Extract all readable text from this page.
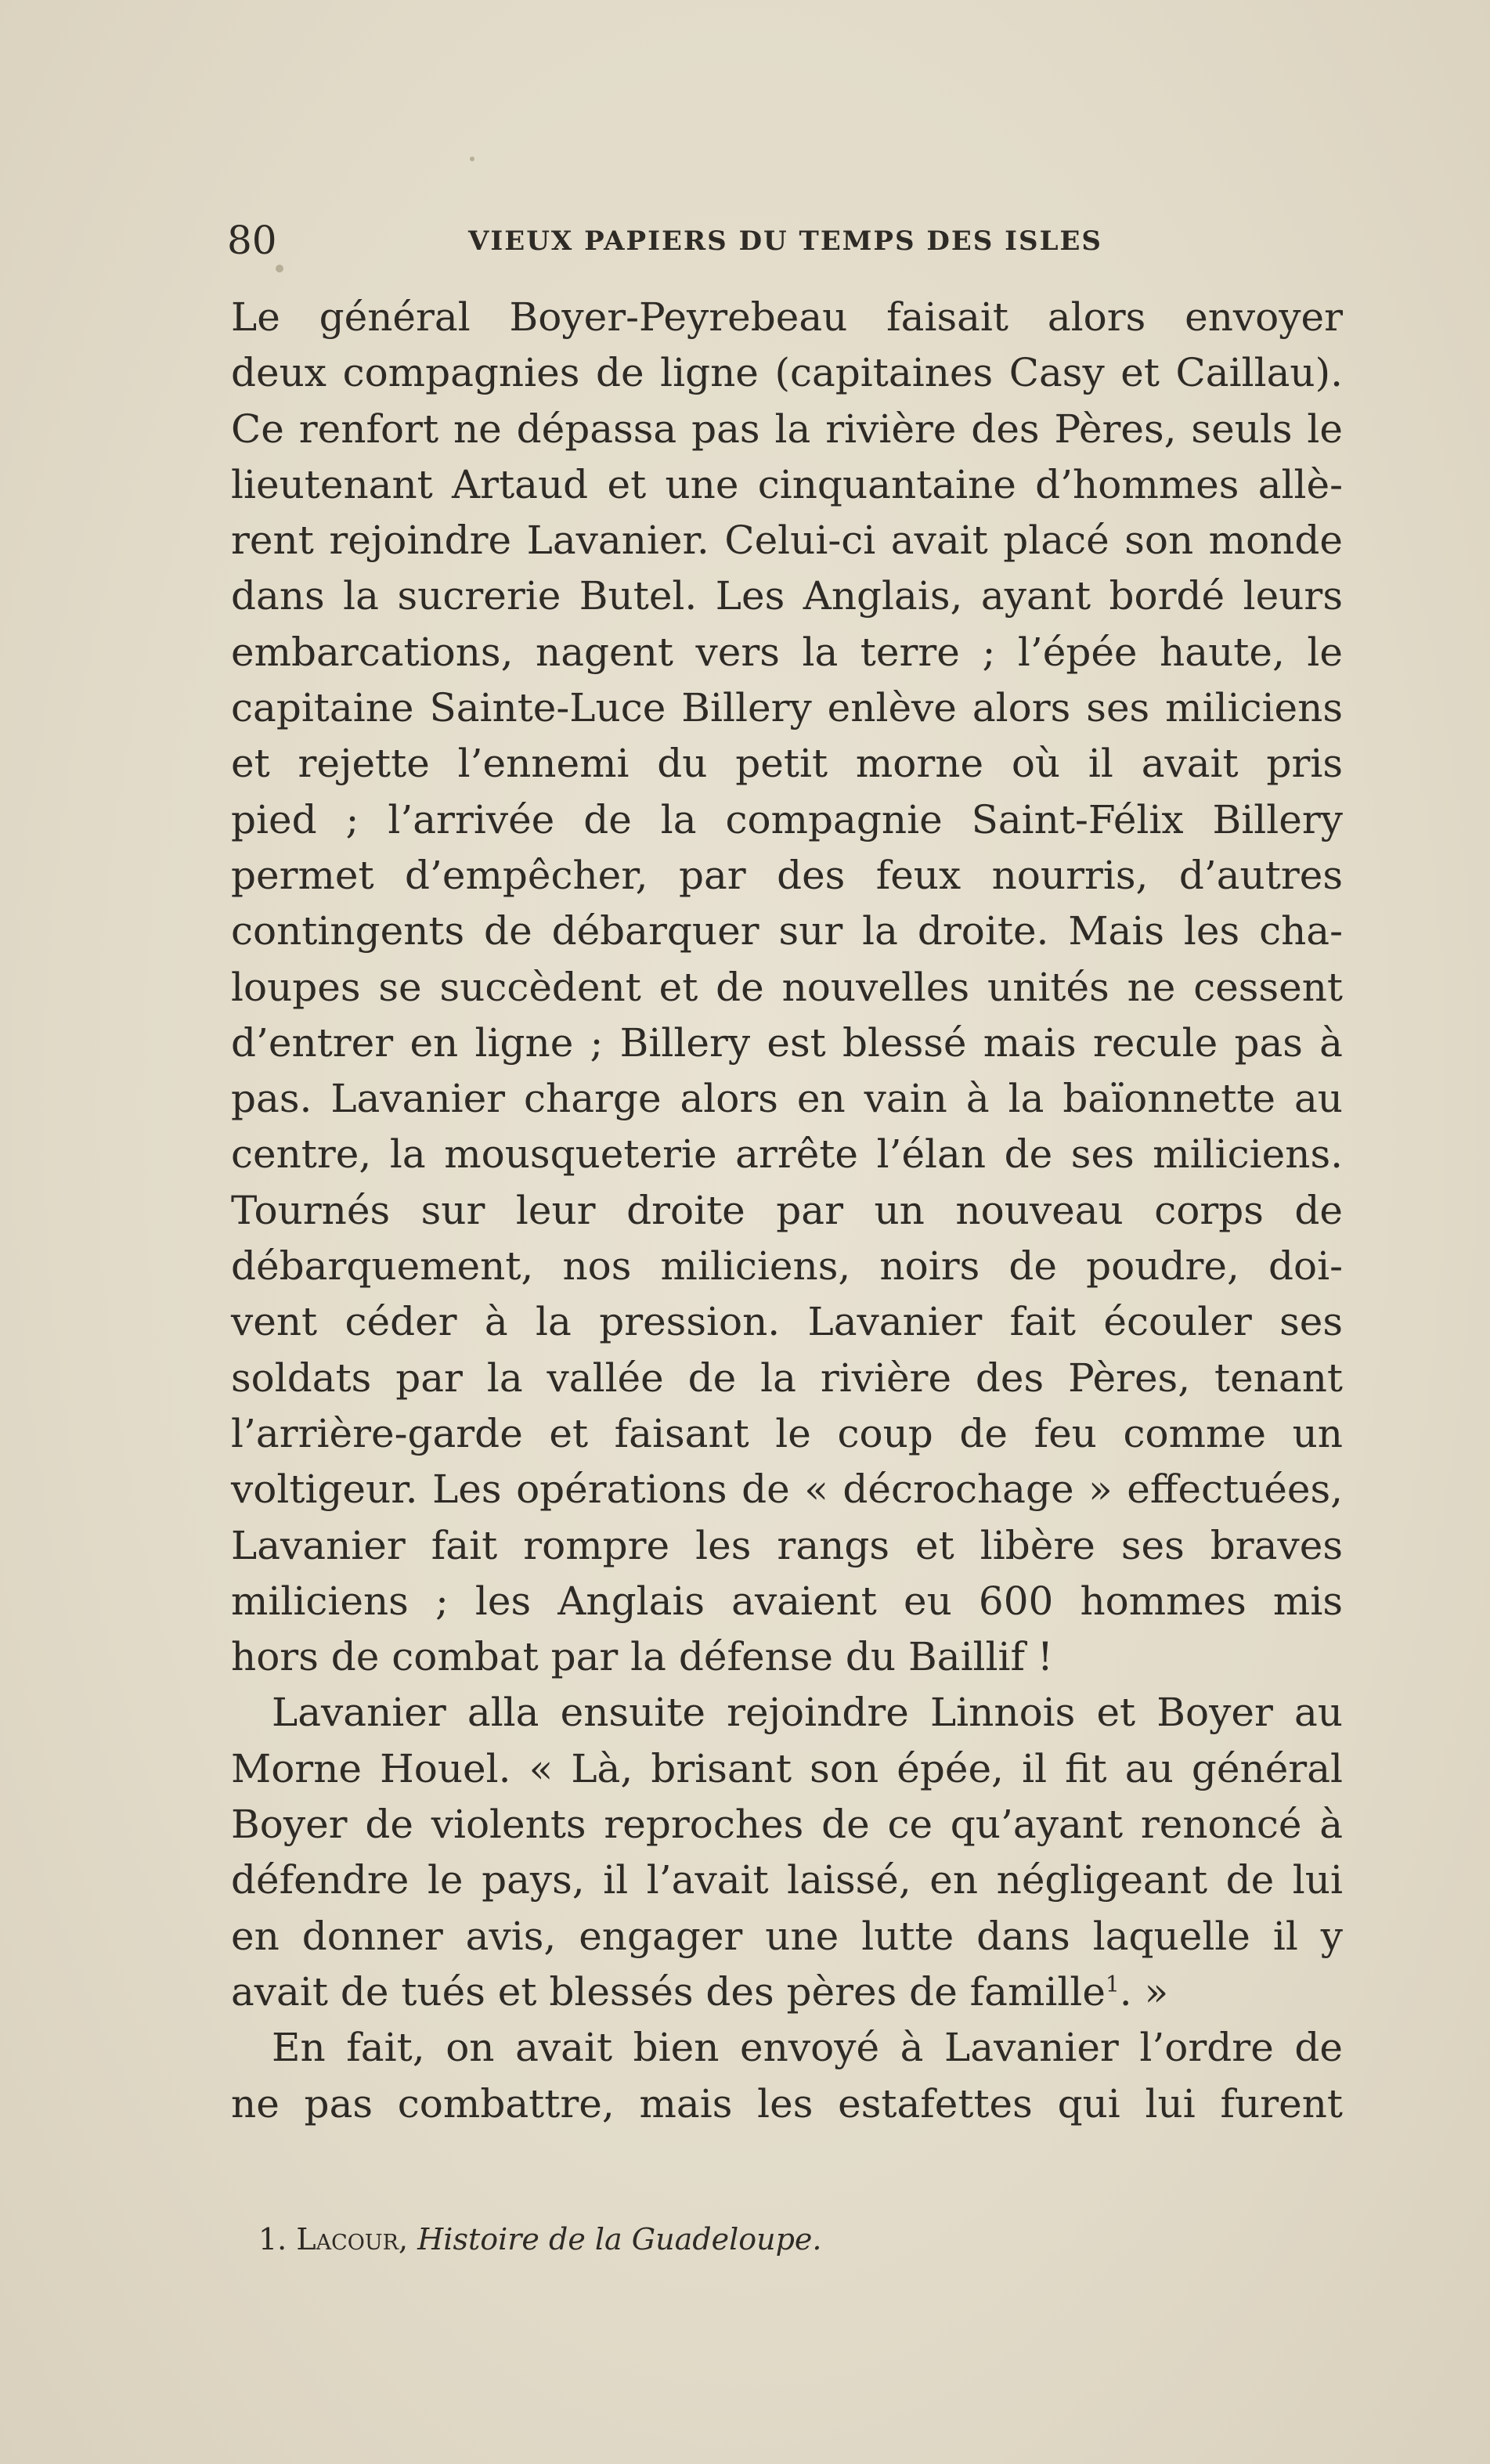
80	VIEUX PAPIERS DU TEMPS DES ISLES
Le général Boyer-Peyrebeau faisait alors envoyer
deux compagnies de ligne (capitaines Casy et Caillau).
Ce renfort ne dépassa pas la rivière des Pères, seuls le
lieutenant Artaud et une cinquantaine d’hommes allè-
rent rejoindre Lavanier. Celui-ci avait placé son monde
dans la sucrerie Butel. Les Anglais, ayant bordé leurs
embarcations, nagent vers la terre ; l’épée haute, le
capitaine Sainte-Luce Billery enlève alors ses miliciens
et rejette l’ennemi du petit morne où il avait pris
pied ; l’arrivée de la compagnie Saint-Félix Billery
permet d’empêcher, par des feux nourris, d’autres
contingents de débarquer sur la droite. Mais les cha-
loupes se succèdent et de nouvelles unités ne cessent
d’entrer en ligne ; Billery est blessé mais recule pas à
pas. Lavanier charge alors en vain à la baïonnette au
centre, la mousqueterie arrête l’élan de ses miliciens.
Tournés sur leur droite par un nouveau corps de
débarquement, nos miliciens, noirs de poudre, doi-
vent céder à la pression. Lavanier fait écouler ses
soldats par la vallée de la rivière des Pères, tenant
l’arrière-garde et faisant le coup de feu comme un
voltigeur. Les opérations de « décrochage » effectuées,
Lavanier fait rompre les rangs et libère ses braves
miliciens ; les Anglais avaient eu 600 hommes mis
hors de combat par la défense du Baillif !
Lavanier alla ensuite rejoindre Linnois et Boyer au
Morne Houel. « Là, brisant son épée, il fit au général
Boyer de violents reproches de ce qu’ayant renoncé à
défendre le pays, il l’avait laissé, en négligeant de lui
en donner avis, engager une lutte dans laquelle il y
avait de tués et blessés des pères de famille$^1$. »
En fait, on avait bien envoyé à Lavanier l’ordre de
ne pas combattre, mais les estafettes qui lui furent
1. Lacour, Histoire de la Guadeloupe.
